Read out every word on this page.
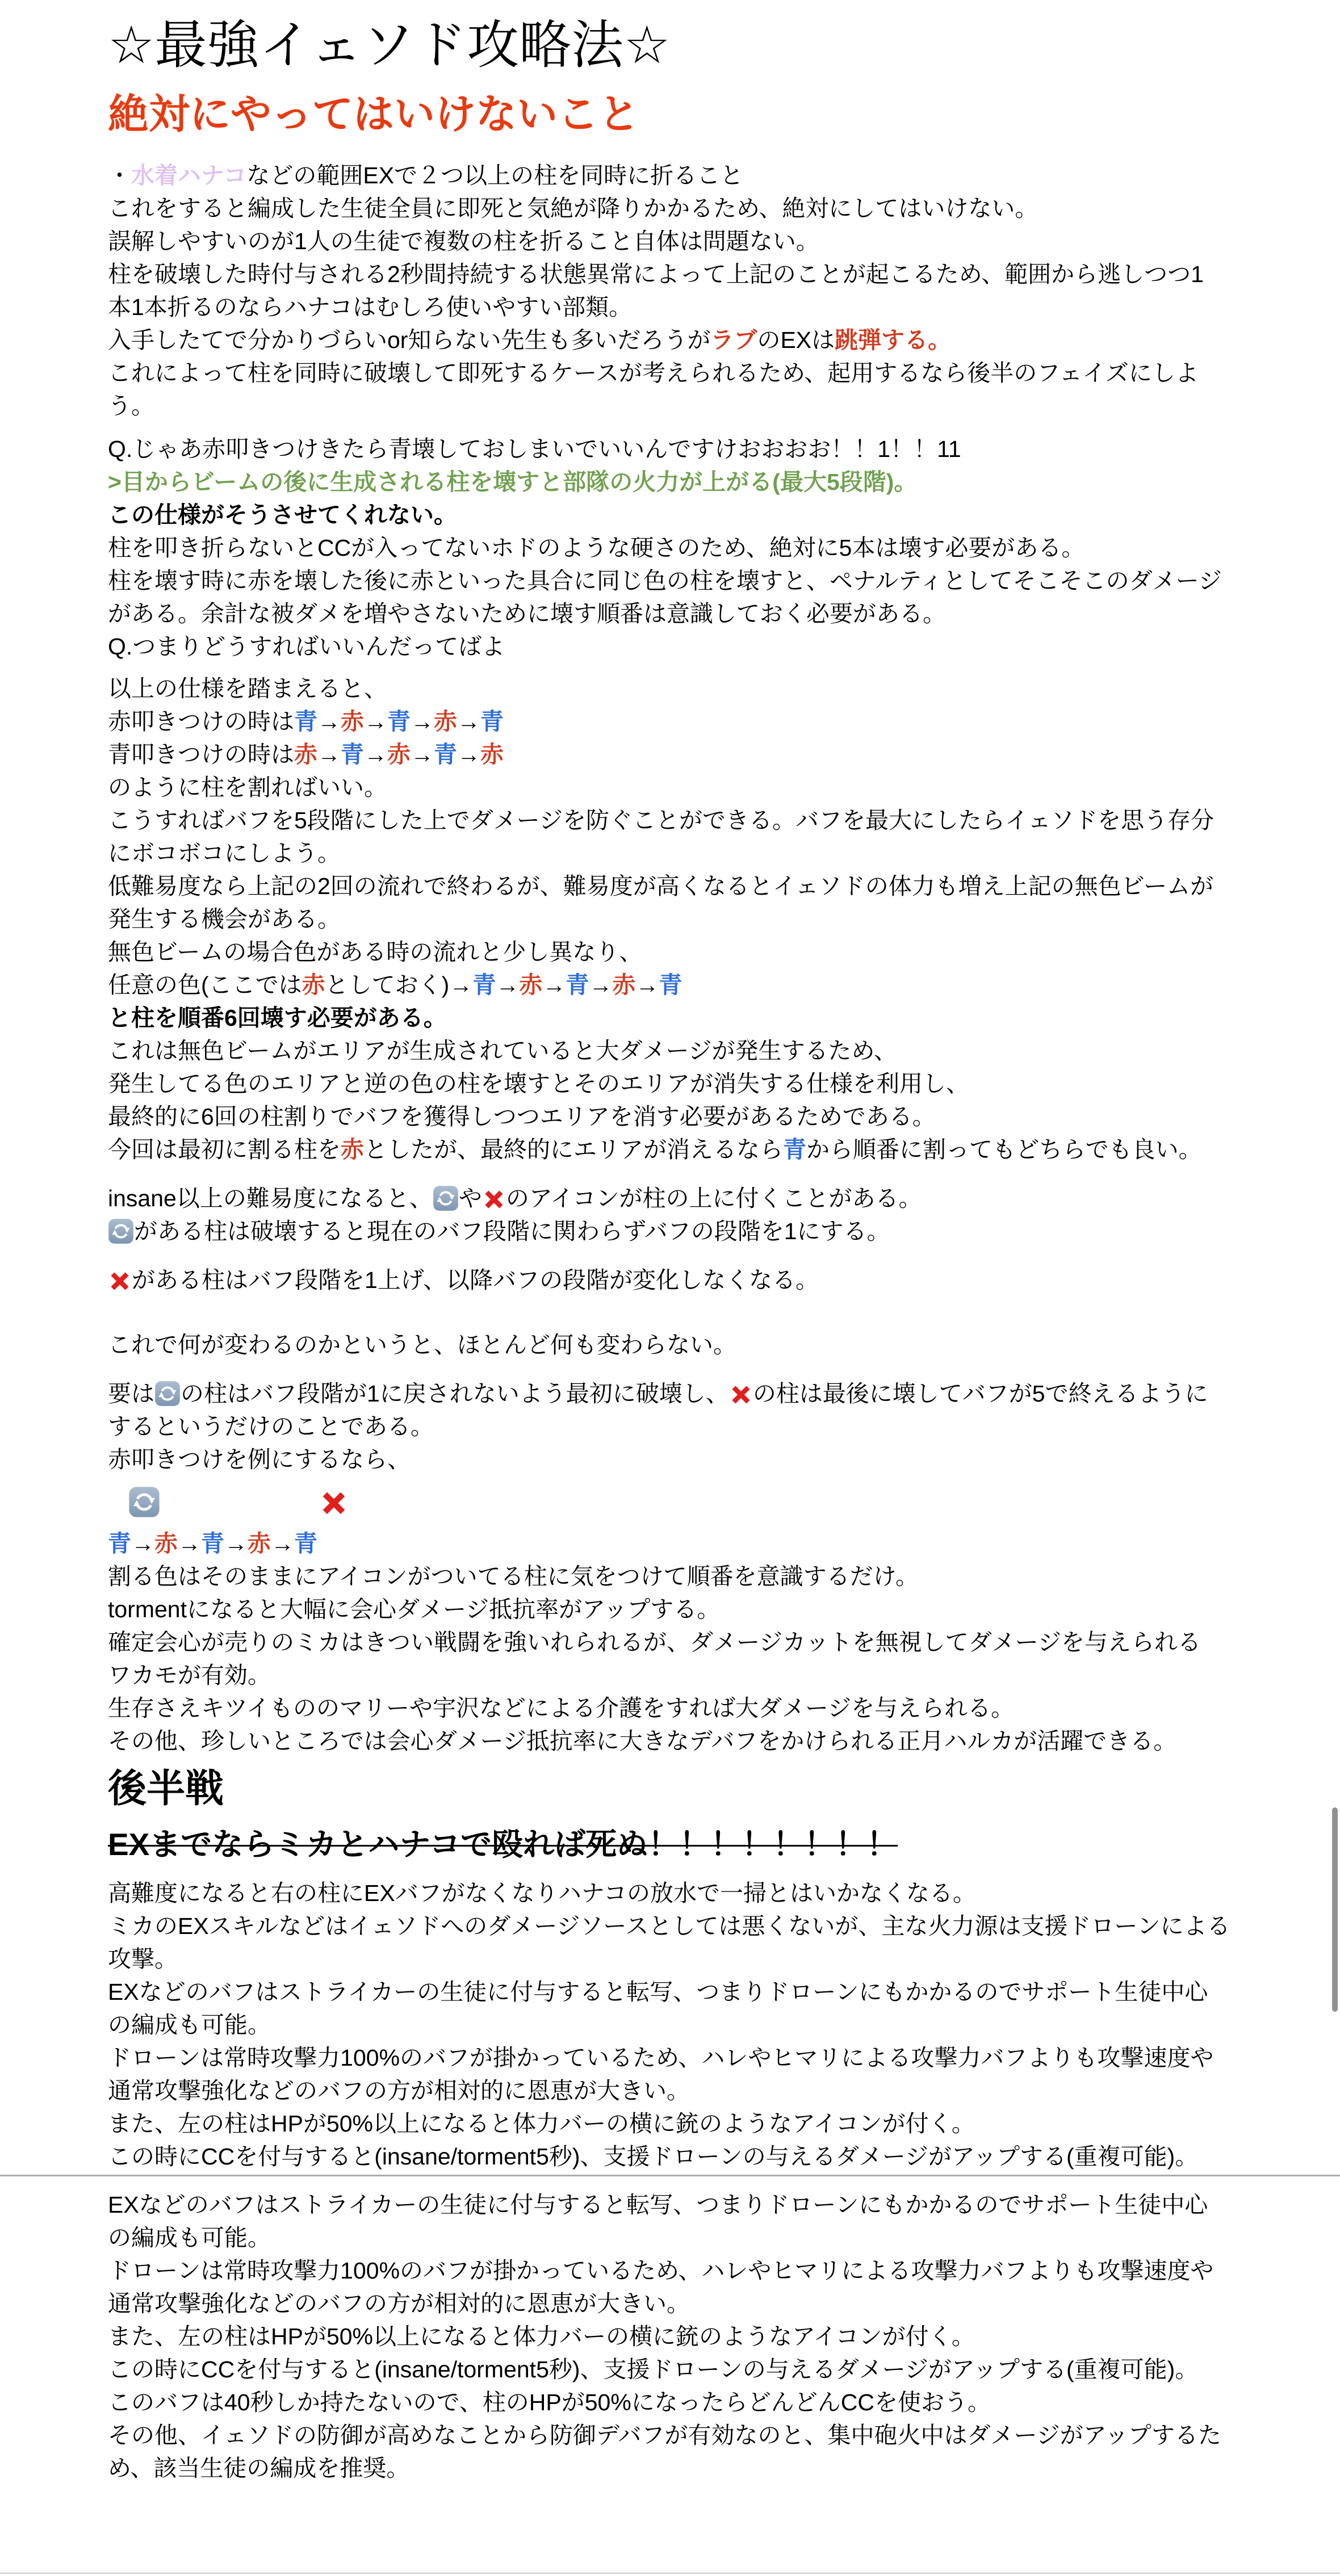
☆最強イェソド攻略法☆
絶対にやってはいけないこと
・水着ハナコなどの範囲EXで２つ以上の柱を同時に折ること
これをすると編成した生徒全員に即死と気絶が降りかかるため、絶対にしてはいけない。
誤解しやすいのが1人の生徒で複数の柱を折ること自体は問題ない。
柱を破壊した時付与される2秒間持続する状態異常によって上記のことが起こるため、範囲から逃しつつ1
本1本折るのならハナコはむしろ使いやすい部類。
入手したてで分かりづらいor知らない先生も多いだろうがラブのEXは跳弾する。
これによって柱を同時に破壊して即死するケースが考えられるため、起用するなら後半のフェイズにしよ
う。
Q.じゃあ赤叩きつけきたら青壊しておしまいでいいんですけおおおお！！1！！11
>目からビームの後に生成される柱を壊すと部隊の火力が上がる(最大5段階)。
この仕様がそうさせてくれない。
柱を叩き折らないとCCが入ってないホドのような硬さのため、絶対に5本は壊す必要がある。
柱を壊す時に赤を壊した後に赤といった具合に同じ色の柱を壊すと、ペナルティとしてそこそこのダメージ
がある。余計な被ダメを増やさないために壊す順番は意識しておく必要がある。
Q.つまりどうすればいいんだってばよ
以上の仕様を踏まえると、
赤叩きつけの時は青→赤→青→赤→青
青叩きつけの時は赤→青→赤→青→赤
のように柱を割ればいい。
こうすればバフを5段階にした上でダメージを防ぐことができる。バフを最大にしたらイェソドを思う存分
にボコボコにしよう。
低難易度なら上記の2回の流れで終わるが、難易度が高くなるとイェソドの体力も増え上記の無色ビームが
発生する機会がある。
無色ビームの場合色がある時の流れと少し異なり、
任意の色(ここでは赤としておく)→青→赤→青→赤→青
と柱を順番6回壊す必要がある。
これは無色ビームがエリアが生成されていると大ダメージが発生するため、
発生してる色のエリアと逆の色の柱を壊すとそのエリアが消失する仕様を利用し、
最終的に6回の柱割りでバフを獲得しつつエリアを消す必要があるためである。
今回は最初に割る柱を赤としたが、最終的にエリアが消えるなら青から順番に割ってもどちらでも良い。
insane以上の難易度になると、 や のアイコンが柱の上に付くことがある。
がある柱は破壊すると現在のバフ段階に関わらずバフの段階を1にする。
がある柱はバフ段階を1上げ、以降バフの段階が変化しなくなる。
これで何が変わるのかというと、ほとんど何も変わらない。
要は の柱はバフ段階が1に戻されないよう最初に破壊し、 の柱は最後に壊してバフが5で終えるように
するというだけのことである。
赤叩きつけを例にするなら、
青→赤→青→赤→青
割る色はそのままにアイコンがついてる柱に気をつけて順番を意識するだけ。
tormentになると大幅に会心ダメージ抵抗率がアップする。
確定会心が売りのミカはきつい戦闘を強いれられるが、ダメージカットを無視してダメージを与えられる
ワカモが有効。
生存さえキツイもののマリーや宇沢などによる介護をすれば大ダメージを与えられる。
その他、珍しいところでは会心ダメージ抵抗率に大きなデバフをかけられる正月ハルカが活躍できる。
後半戦
EXまでならミカとハナコで殴れば死ぬ！！！！！！！！
高難度になると右の柱にEXバフがなくなりハナコの放水で一掃とはいかなくなる。
ミカのEXスキルなどはイェソドへのダメージソースとしては悪くないが、主な火力源は支援ドローンによる
攻撃。
EXなどのバフはストライカーの生徒に付与すると転写、つまりドローンにもかかるのでサポート生徒中心
の編成も可能。
ドローンは常時攻撃力100%のバフが掛かっているため、ハレやヒマリによる攻撃力バフよりも攻撃速度や
通常攻撃強化などのバフの方が相対的に恩恵が大きい。
また、左の柱はHPが50%以上になると体力バーの横に銃のようなアイコンが付く。
この時にCCを付与すると(insane/torment5秒)、支援ドローンの与えるダメージがアップする(重複可能)。
EXなどのバフはストライカーの生徒に付与すると転写、つまりドローンにもかかるのでサポート生徒中心
の編成も可能。
ドローンは常時攻撃力100%のバフが掛かっているため、ハレやヒマリによる攻撃力バフよりも攻撃速度や
通常攻撃強化などのバフの方が相対的に恩恵が大きい。
また、左の柱はHPが50%以上になると体力バーの横に銃のようなアイコンが付く。
この時にCCを付与すると(insane/torment5秒)、支援ドローンの与えるダメージがアップする(重複可能)。
このバフは40秒しか持たないので、柱のHPが50%になったらどんどんCCを使おう。
その他、イェソドの防御が高めなことから防御デバフが有効なのと、集中砲火中はダメージがアップするた
め、該当生徒の編成を推奨。
